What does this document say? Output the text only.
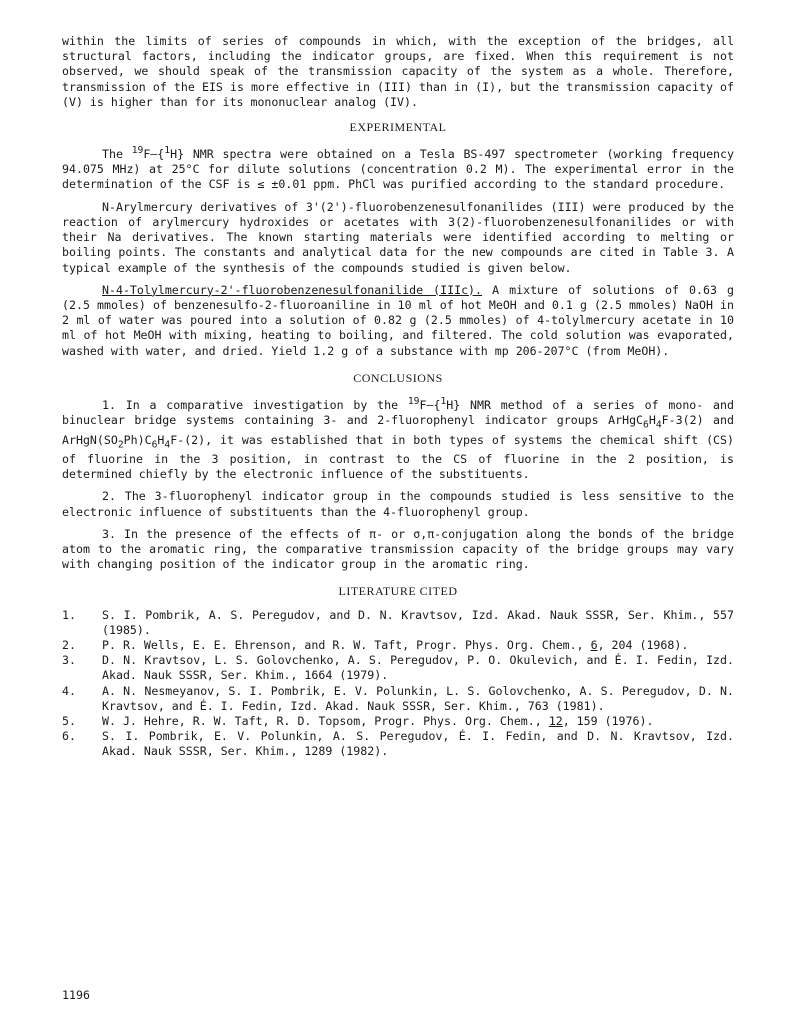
within the limits of series of compounds in which, with the exception of the bridges, all structural factors, including the indicator groups, are fixed. When this requirement is not observed, we should speak of the transmission capacity of the system as a whole. Therefore, transmission of the EIS is more effective in (III) than in (I), but the transmission capacity of (V) is higher than for its mononuclear analog (IV).

EXPERIMENTAL

The $^{19}$F–{$^1$H} NMR spectra were obtained on a Tesla BS-497 spectrometer (working frequency 94.075 MHz) at 25°C for dilute solutions (concentration 0.2 M). The experimental error in the determination of the CSF is ≤ ±0.01 ppm. PhCl was purified according to the standard procedure.

N-Arylmercury derivatives of 3'(2')-fluorobenzenesulfonanilides (III) were produced by the reaction of arylmercury hydroxides or acetates with 3(2)-fluorobenzenesulfonanilides or with their Na derivatives. The known starting materials were identified according to melting or boiling points. The constants and analytical data for the new compounds are cited in Table 3. A typical example of the synthesis of the compounds studied is given below.

N-4-Tolylmercury-2'-fluorobenzenesulfonanilide (IIIc). A mixture of solutions of 0.63 g (2.5 mmoles) of benzenesulfo-2-fluoroaniline in 10 ml of hot MeOH and 0.1 g (2.5 mmoles) NaOH in 2 ml of water was poured into a solution of 0.82 g (2.5 mmoles) of 4-tolylmercury acetate in 10 ml of hot MeOH with mixing, heating to boiling, and filtered. The cold solution was evaporated, washed with water, and dried. Yield 1.2 g of a substance with mp 206-207°C (from MeOH).

CONCLUSIONS

1. In a comparative investigation by the $^{19}$F–{$^1$H} NMR method of a series of mono- and binuclear bridge systems containing 3- and 2-fluorophenyl indicator groups $ArHgC_6H_4F-3(2)$ and $ArHgN(SO_2Ph)C_6H_4F-(2)$, it was established that in both types of systems the chemical shift (CS) of fluorine in the 3 position, in contrast to the CS of fluorine in the 2 position, is determined chiefly by the electronic influence of the substituents.

2. The 3-fluorophenyl indicator group in the compounds studied is less sensitive to the electronic influence of substituents than the 4-fluorophenyl group.

3. In the presence of the effects of π- or σ,π-conjugation along the bonds of the bridge atom to the aromatic ring, the comparative transmission capacity of the bridge groups may vary with changing position of the indicator group in the aromatic ring.

LITERATURE CITED
1. S. I. Pombrik, A. S. Peregudov, and D. N. Kravtsov, Izd. Akad. Nauk SSSR, Ser. Khim., 557 (1985).
2. P. R. Wells, E. E. Ehrenson, and R. W. Taft, Progr. Phys. Org. Chem., 6, 204 (1968).
3. D. N. Kravtsov, L. S. Golovchenko, A. S. Peregudov, P. O. Okulevich, and É. I. Fedin, Izd. Akad. Nauk SSSR, Ser. Khim., 1664 (1979).
4. A. N. Nesmeyanov, S. I. Pombrik, E. V. Polunkin, L. S. Golovchenko, A. S. Peregudov, D. N. Kravtsov, and É. I. Fedin, Izd. Akad. Nauk SSSR, Ser. Khim., 763 (1981).
5. W. J. Hehre, R. W. Taft, R. D. Topsom, Progr. Phys. Org. Chem., 12, 159 (1976).
6. S. I. Pombrik, E. V. Polunkin, A. S. Peregudov, É. I. Fedin, and D. N. Kravtsov, Izd. Akad. Nauk SSSR, Ser. Khim., 1289 (1982).
1196
